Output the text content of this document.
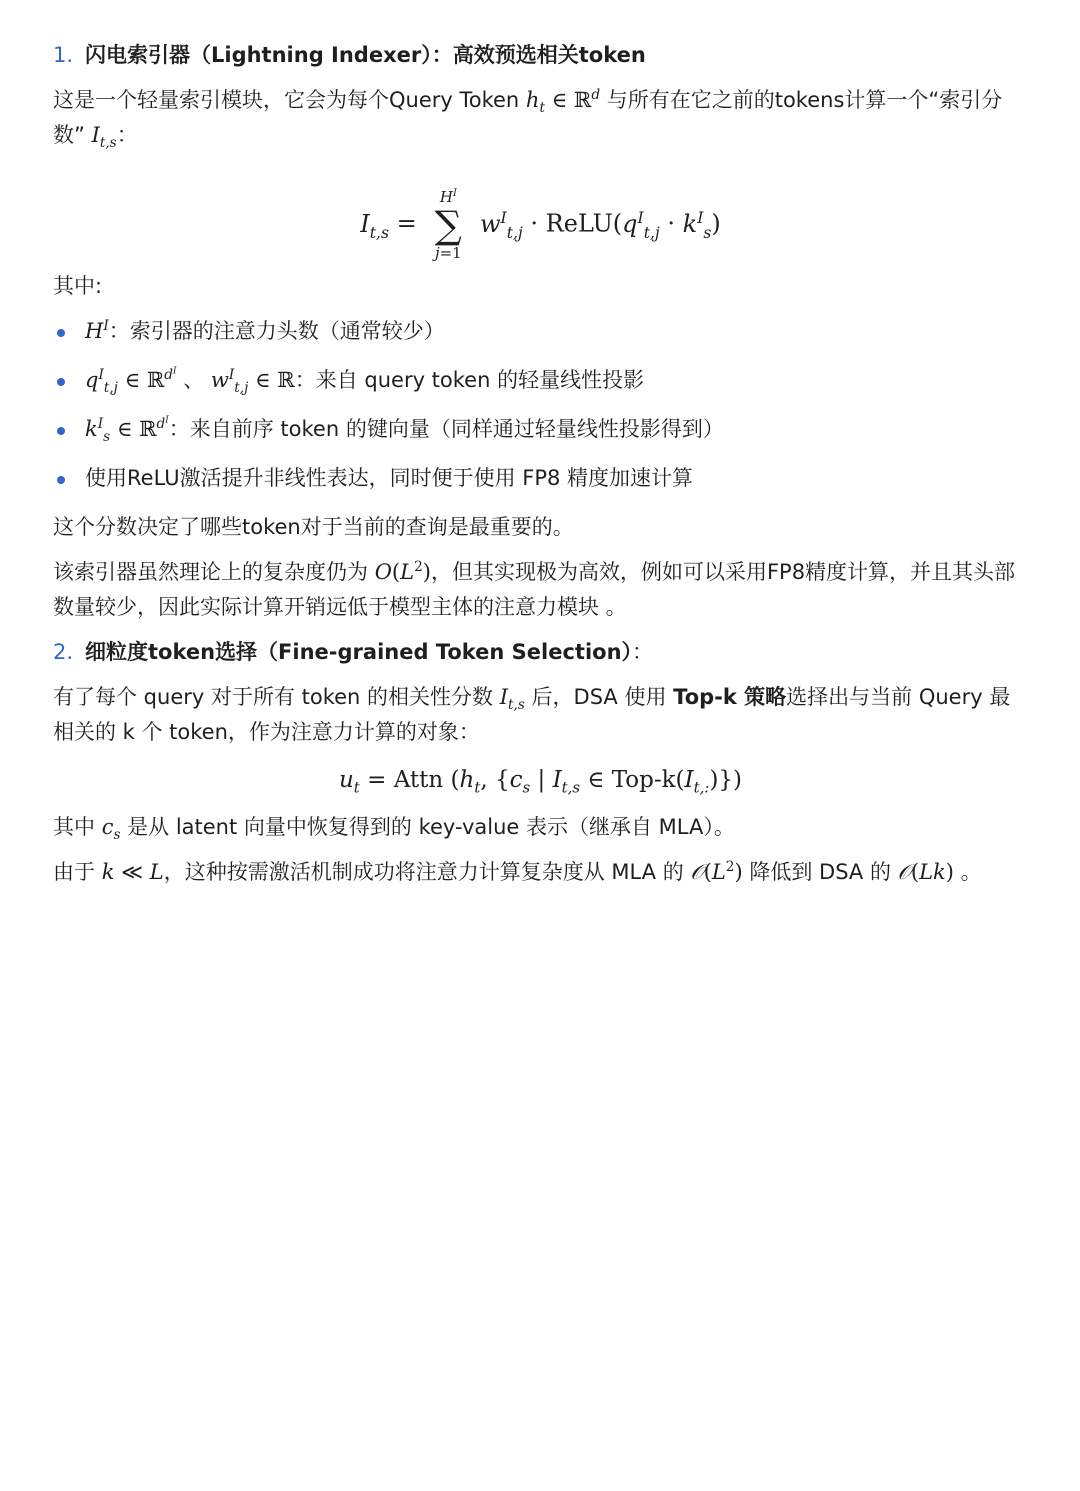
1. 闪电索引器（Lightning Indexer）：高效预选相关token

这是一个轻量索引模块，它会为每个Query Token $h_t$ ∈ ℝ$^d$ 与所有在它之前的tokens计算一个“索引分数” $I_{t,s}$：

$I_{t,s}$ =
$H^I$
∑
j=1
$w^I_{t,j}$ · $ReLU(q^I_{t,j} \cdot k^I_s)$

其中:

$H^I$：索引器的注意力头数（通常较少）
$q^I_{t,j}$ ∈ ℝ$^{d^I}$ 、 $w^I_{t,j}$ ∈ ℝ：来自 query token 的轻量线性投影
$k^I_s$ ∈ ℝ$^{d^I}$：来自前序 token 的键向量（同样通过轻量线性投影得到）
使用ReLU激活提升非线性表达，同时便于使用 FP8 精度加速计算

这个分数决定了哪些token对于当前的查询是最重要的。

该索引器虽然理论上的复杂度仍为 $O(L^2)$，但其实现极为高效，例如可以采用FP8精度计算，并且其头部数量较少，因此实际计算开销远低于模型主体的注意力模块 。

2. 细粒度token选择（Fine-grained Token Selection）：

有了每个 query 对于所有 token 的相关性分数 $I_{t,s}$ 后，DSA 使用 Top-k 策略选择出与当前 Query 最相关的 k 个 token，作为注意力计算的对象：

$u_t$ = Attn ($h_t$, {$c_s$ | $I_{t,s}$ ∈ Top-$k(I_{t,:})$})

其中 $c_s$ 是从 latent 向量中恢复得到的 key-value 表示（继承自 MLA）。

由于 k ≪ L，这种按需激活机制成功将注意力计算复杂度从 MLA 的 $𝒪(L^2)$ 降低到 DSA 的 𝒪(Lk) 。
